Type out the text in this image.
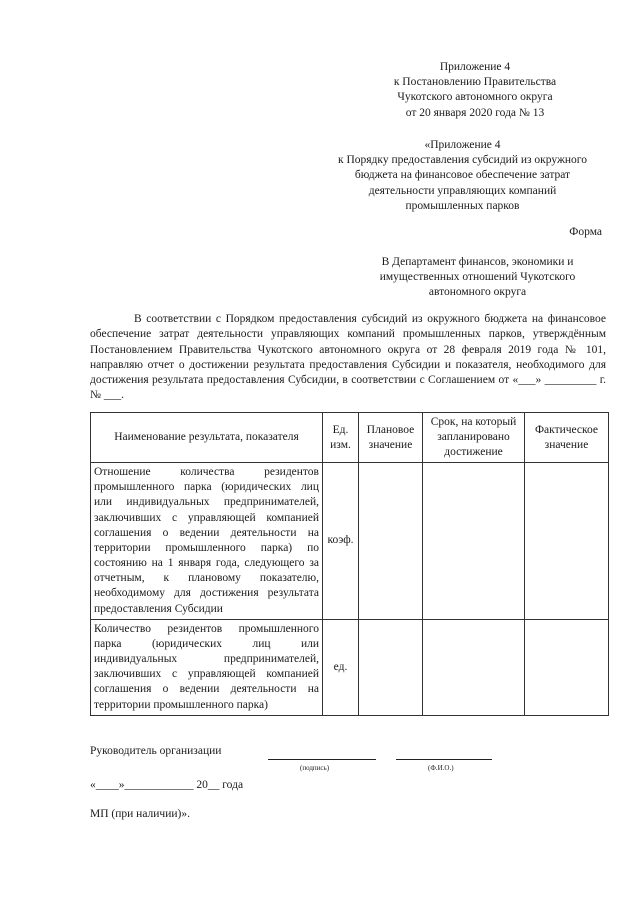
Приложение 4
к Постановлению Правительства
Чукотского автономного округа
от 20 января 2020 года № 13
«Приложение 4
к Порядку предоставления субсидий из окружного
бюджета на финансовое обеспечение затрат
деятельности управляющих компаний
промышленных парков
Форма
В Департамент финансов, экономики и
имущественных отношений Чукотского
автономного округа
В соответствии с Порядком предоставления субсидий из окружного бюджета на финансовое обеспечение затрат деятельности управляющих компаний промышленных парков, утверждённым Постановлением Правительства Чукотского автономного округа от 28 февраля 2019 года № 101, направляю отчет о достижении результата предоставления Субсидии и показателя, необходимого для достижения результата предоставления Субсидии, в соответствии с Соглашением от «___» _________ г. № ___.
Наименование результата, показателя	Ед. изм.	Плановое значение	Срок, на который запланировано достижение	Фактическое значение
Отношение количества резидентов промышленного парка (юридических лиц или индивидуальных предпринимателей, заключивших с управляющей компанией соглашения о ведении деятельности на территории промышленного парка) по состоянию на 1 января года, следующего за отчетным, к плановому показателю, необходимому для достижения результата предоставления Субсидии	коэф.			
Количество резидентов промышленного парка (юридических лиц или индивидуальных предпринимателей, заключивших с управляющей компанией соглашения о ведении деятельности на территории промышленного парка)	ед.			
Руководитель организации
(подпись)	(Ф.И.О.)
«____»____________ 20__ года
МП (при наличии)».
